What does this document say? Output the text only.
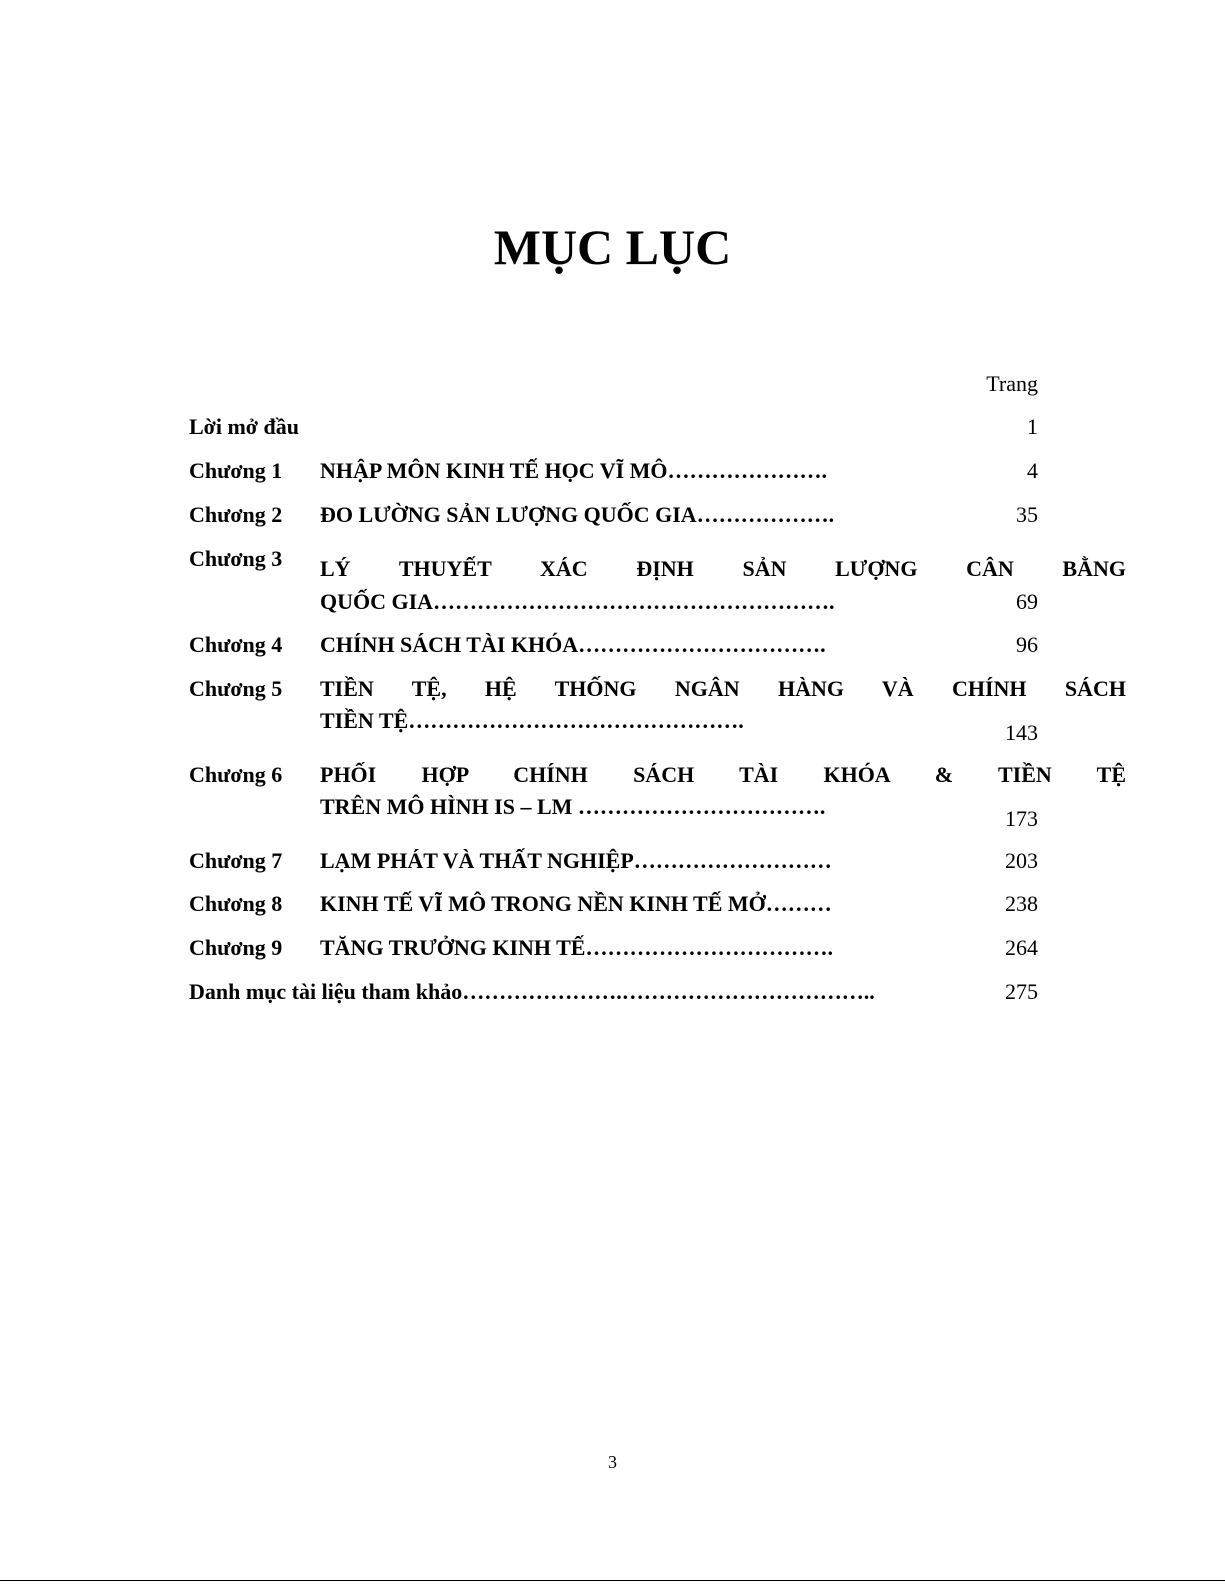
MỤC LỤC
Trang
Lời mở đầu	1
Chương 1 NHẬP MÔN KINH TẾ HỌC VĨ MÔ………………….	4
Chương 2 ĐO LƯỜNG SẢN LƯỢNG QUỐC GIA……………….	35
Chương 3 LÝ THUYẾT XÁC ĐỊNH SẢN LƯỢNG CÂN BẰNG
QUỐC GIA……………………………………………….	69
Chương 4 CHÍNH SÁCH TÀI KHÓA…………………………….	96
Chương 5 TIỀN TỆ, HỆ THỐNG NGÂN HÀNG VÀ CHÍNH SÁCH
TIỀN TỆ……………………………………….	143
Chương 6 PHỐI HỢP CHÍNH SÁCH TÀI KHÓA & TIỀN TỆ
TRÊN MÔ HÌNH IS – LM …………………………….	173
Chương 7 LẠM PHÁT VÀ THẤT NGHIỆP………………………	203
Chương 8 KINH TẾ VĨ MÔ TRONG NỀN KINH TẾ MỞ………	238
Chương 9 TĂNG TRƯỞNG KINH TẾ…………………………….	264
Danh mục tài liệu tham khảo………………….……………………………..	275
3
